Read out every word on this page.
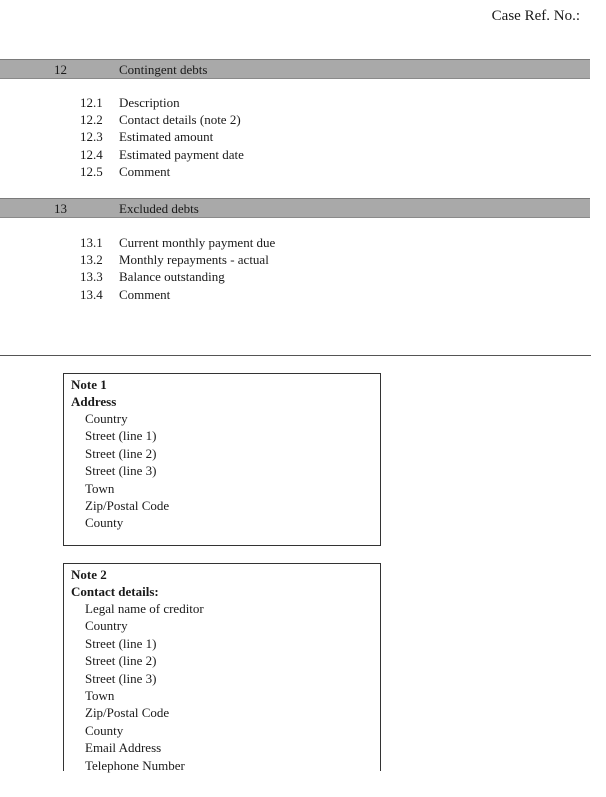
Case Ref. No.:
12	Contingent debts
12.1 Description
12.2 Contact details (note 2)
12.3 Estimated amount
12.4 Estimated payment date
12.5 Comment
13	Excluded debts
13.1 Current monthly payment due
13.2 Monthly repayments - actual
13.3 Balance outstanding
13.4 Comment
Note 1
Address
Country
Street (line 1)
Street (line 2)
Street (line 3)
Town
Zip/Postal Code
County
Note 2
Contact details:
Legal name of creditor
Country
Street (line 1)
Street (line 2)
Street (line 3)
Town
Zip/Postal Code
County
Email Address
Telephone Number
